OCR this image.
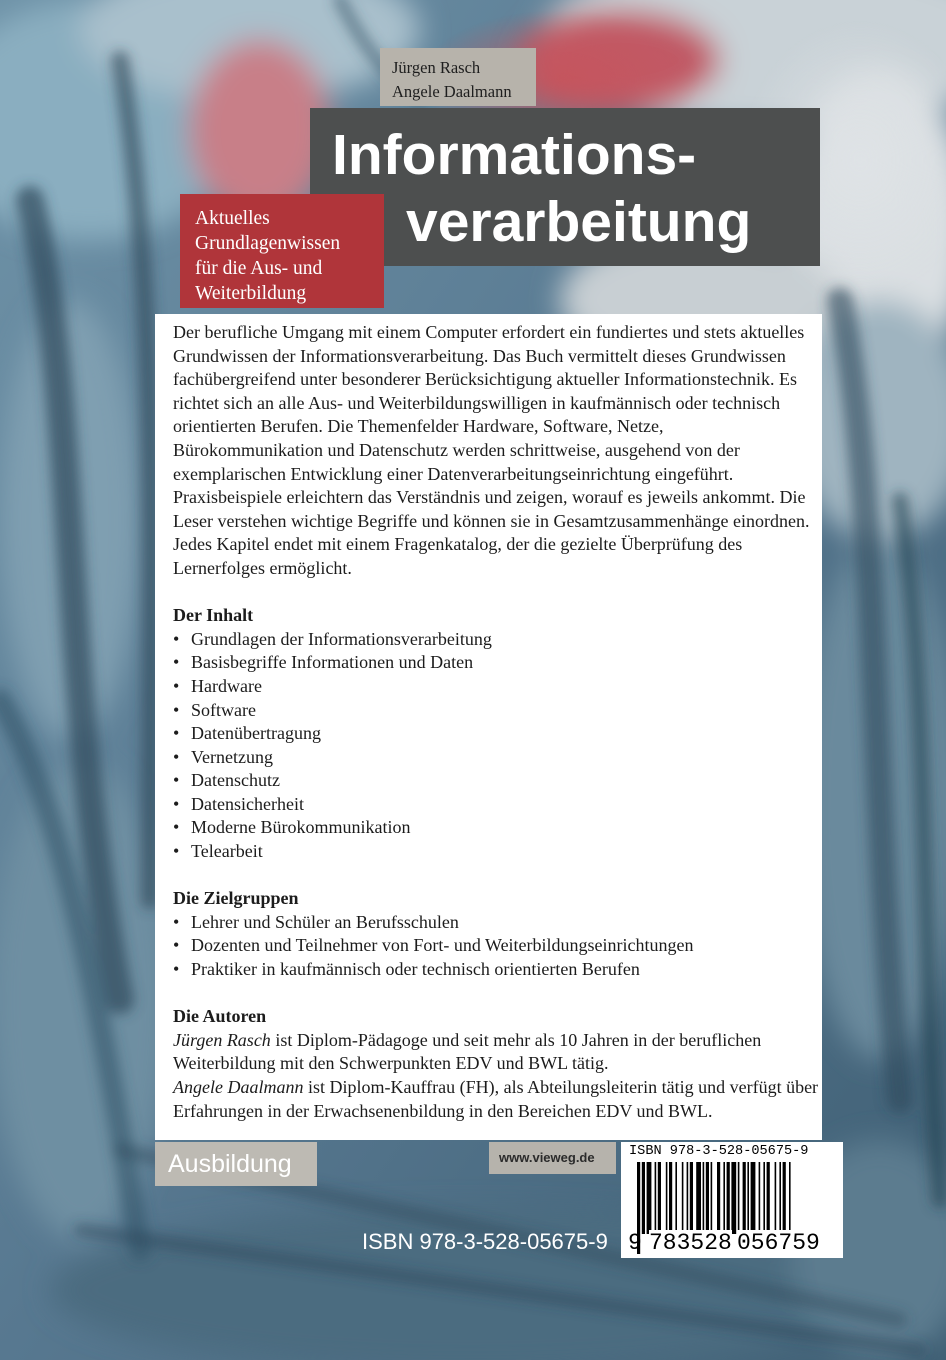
Jürgen Rasch
Angele Daalmann
Informations-
verarbeitung
Aktuelles
Grundlagenwissen
für die Aus- und
Weiterbildung

Der berufliche Umgang mit einem Computer erfordert ein fundiertes und stets aktuelles Grundwissen der Informationsverarbeitung. Das Buch vermittelt dieses Grundwissen fachübergreifend unter besonderer Berücksichtigung aktueller Informationstechnik. Es richtet sich an alle Aus- und Weiterbildungswilligen in kaufmännisch oder technisch orientierten Berufen. Die Themenfelder Hardware, Software, Netze, Bürokommunikation und Datenschutz werden schrittweise, ausgehend von der exemplarischen Entwicklung einer Datenverarbeitungseinrichtung eingeführt. Praxisbeispiele erleichtern das Verständnis und zeigen, worauf es jeweils ankommt. Die Leser verstehen wichtige Begriffe und können sie in Gesamtzusammenhänge einordnen. Jedes Kapitel endet mit einem Fragenkatalog, der die gezielte Überprüfung des Lernerfolges ermöglicht.

Der Inhalt
• Grundlagen der Informationsverarbeitung
• Basisbegriffe Informationen und Daten
• Hardware
• Software
• Datenübertragung
• Vernetzung
• Datenschutz
• Datensicherheit
• Moderne Bürokommunikation
• Telearbeit
Die Zielgruppen
• Lehrer und Schüler an Berufsschulen
• Dozenten und Teilnehmer von Fort- und Weiterbildungseinrichtungen
• Praktiker in kaufmännisch oder technisch orientierten Berufen
Die Autoren

Jürgen Rasch ist Diplom-Pädagoge und seit mehr als 10 Jahren in der beruflichen Weiterbildung mit den Schwerpunkten EDV und BWL tätig.

Angele Daalmann ist Diplom-Kauffrau (FH), als Abteilungsleiterin tätig und verfügt über Erfahrungen in der Erwachsenenbildung in den Bereichen EDV und BWL.

Ausbildung	www.vieweg.de
ISBN 978-3-528-05675-9
ISBN 978-3-528-05675-9
9 783528 056759
